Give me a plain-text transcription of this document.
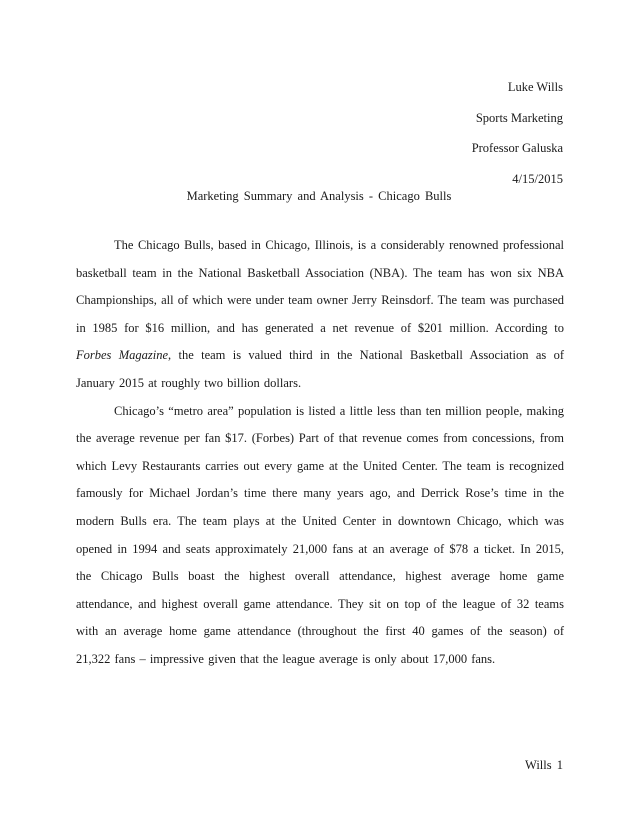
Luke Wills
Sports Marketing
Professor Galuska
4/15/2015
Marketing Summary and Analysis - Chicago Bulls

The Chicago Bulls, based in Chicago, Illinois, is a considerably renowned professional basketball team in the National Basketball Association (NBA). The team has won six NBA Championships, all of which were under team owner Jerry Reinsdorf. The team was purchased in 1985 for $16 million, and has generated a net revenue of $201 million. According to Forbes Magazine, the team is valued third in the National Basketball Association as of January 2015 at roughly two billion dollars.

Chicago’s “metro area” population is listed a little less than ten million people, making the average revenue per fan $17. (Forbes) Part of that revenue comes from concessions, from which Levy Restaurants carries out every game at the United Center. The team is recognized famously for Michael Jordan’s time there many years ago, and Derrick Rose’s time in the modern Bulls era. The team plays at the United Center in downtown Chicago, which was opened in 1994 and seats approximately 21,000 fans at an average of $78 a ticket. In 2015, the Chicago Bulls boast the highest overall attendance, highest average home game attendance, and highest overall game attendance. They sit on top of the league of 32 teams with an average home game attendance (throughout the first 40 games of the season) of 21,322 fans – impressive given that the league average is only about 17,000 fans.

Wills 1
